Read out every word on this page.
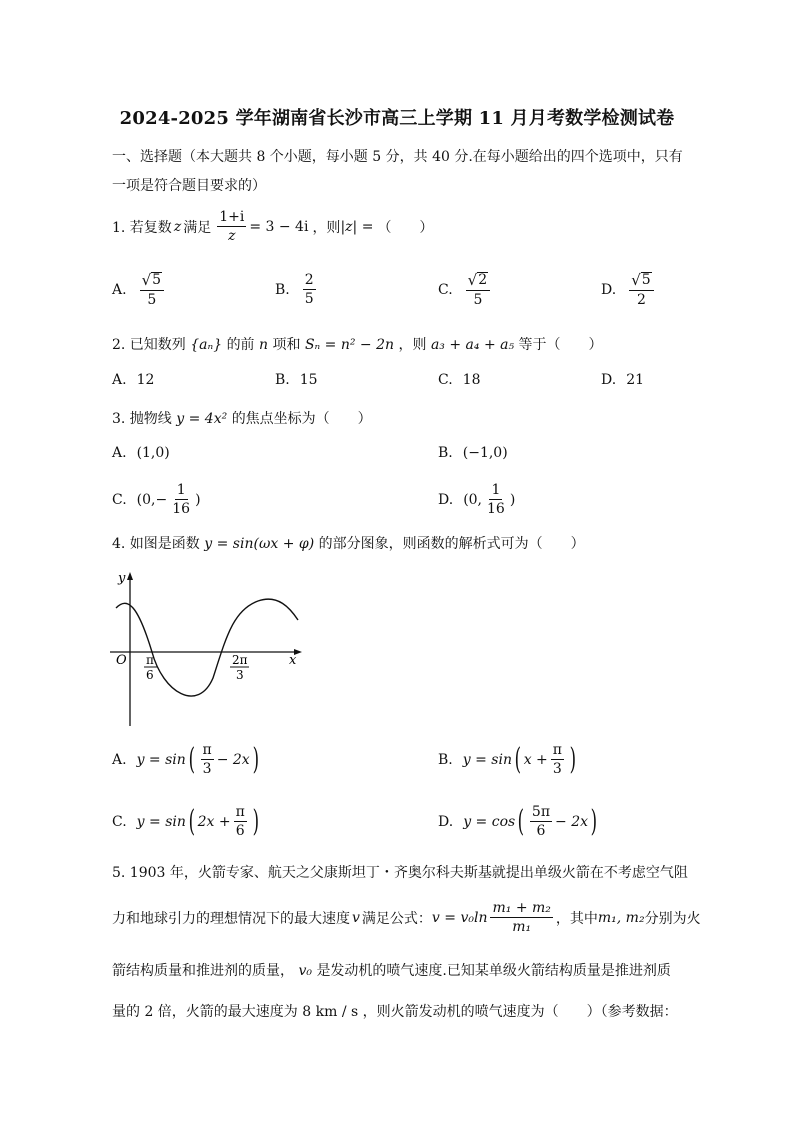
2024-2025 学年湖南省长沙市高三上学期 11 月月考数学检测试卷
一、选择题（本大题共 8 个小题，每小题 5 分，共 40 分.在每小题给出的四个选项中，只有
一项是符合题目要求的）
1. 若复数 z 满足 $\frac{1+i}{z} = 3 - 4i$ ，则 |z| = （　　）
A. $\frac{√ 5}{5}$	B. $\frac{2}{5}$	C. $\frac{√ 2}{5}$	D. $\frac{√ 5}{2}$
2. 已知数列 {aₙ} 的前 n 项和 Sₙ = n² − 2n ，则 a₃ + a₄ + a₅ 等于（　　）
A. 12	B. 15	C. 18	D. 21
3. 抛物线 y = 4x² 的焦点坐标为（　　）
A. (1,0)	B. (−1,0)
C. ($0,- \frac{1}{16}$ )	D. (0, $\frac{1}{16}$ )
4. 如图是函数 y = sin(ωx + φ) 的部分图象，则函数的解析式可为（　　）
y
x
O π
6
2π
3
A. y = sin ( $\frac{\pi}{3} - 2x$ )	B. y = sin ( $x + \frac{\pi}{3}$ )
C. y = sin ( $2x + \frac{\pi}{6}$ )	D. y = cos ( $\frac{5\pi}{6} - 2x$ )
5. 1903 年，火箭专家、航天之父康斯坦丁・齐奥尔科夫斯基就提出单级火箭在不考虑空气阻
力和地球引力的理想情况下的最大速度 v 满足公式： $v = v_0\ln \frac{\text{m₁ + m₂}}{\text{m₁}}$ ，其中 m₁, m₂ 分别为火
箭结构质量和推进剂的质量， v₀ 是发动机的喷气速度.已知某单级火箭结构质量是推进剂质
量的 2 倍，火箭的最大速度为 8 km / s ，则火箭发动机的喷气速度为（　　）（参考数据：
